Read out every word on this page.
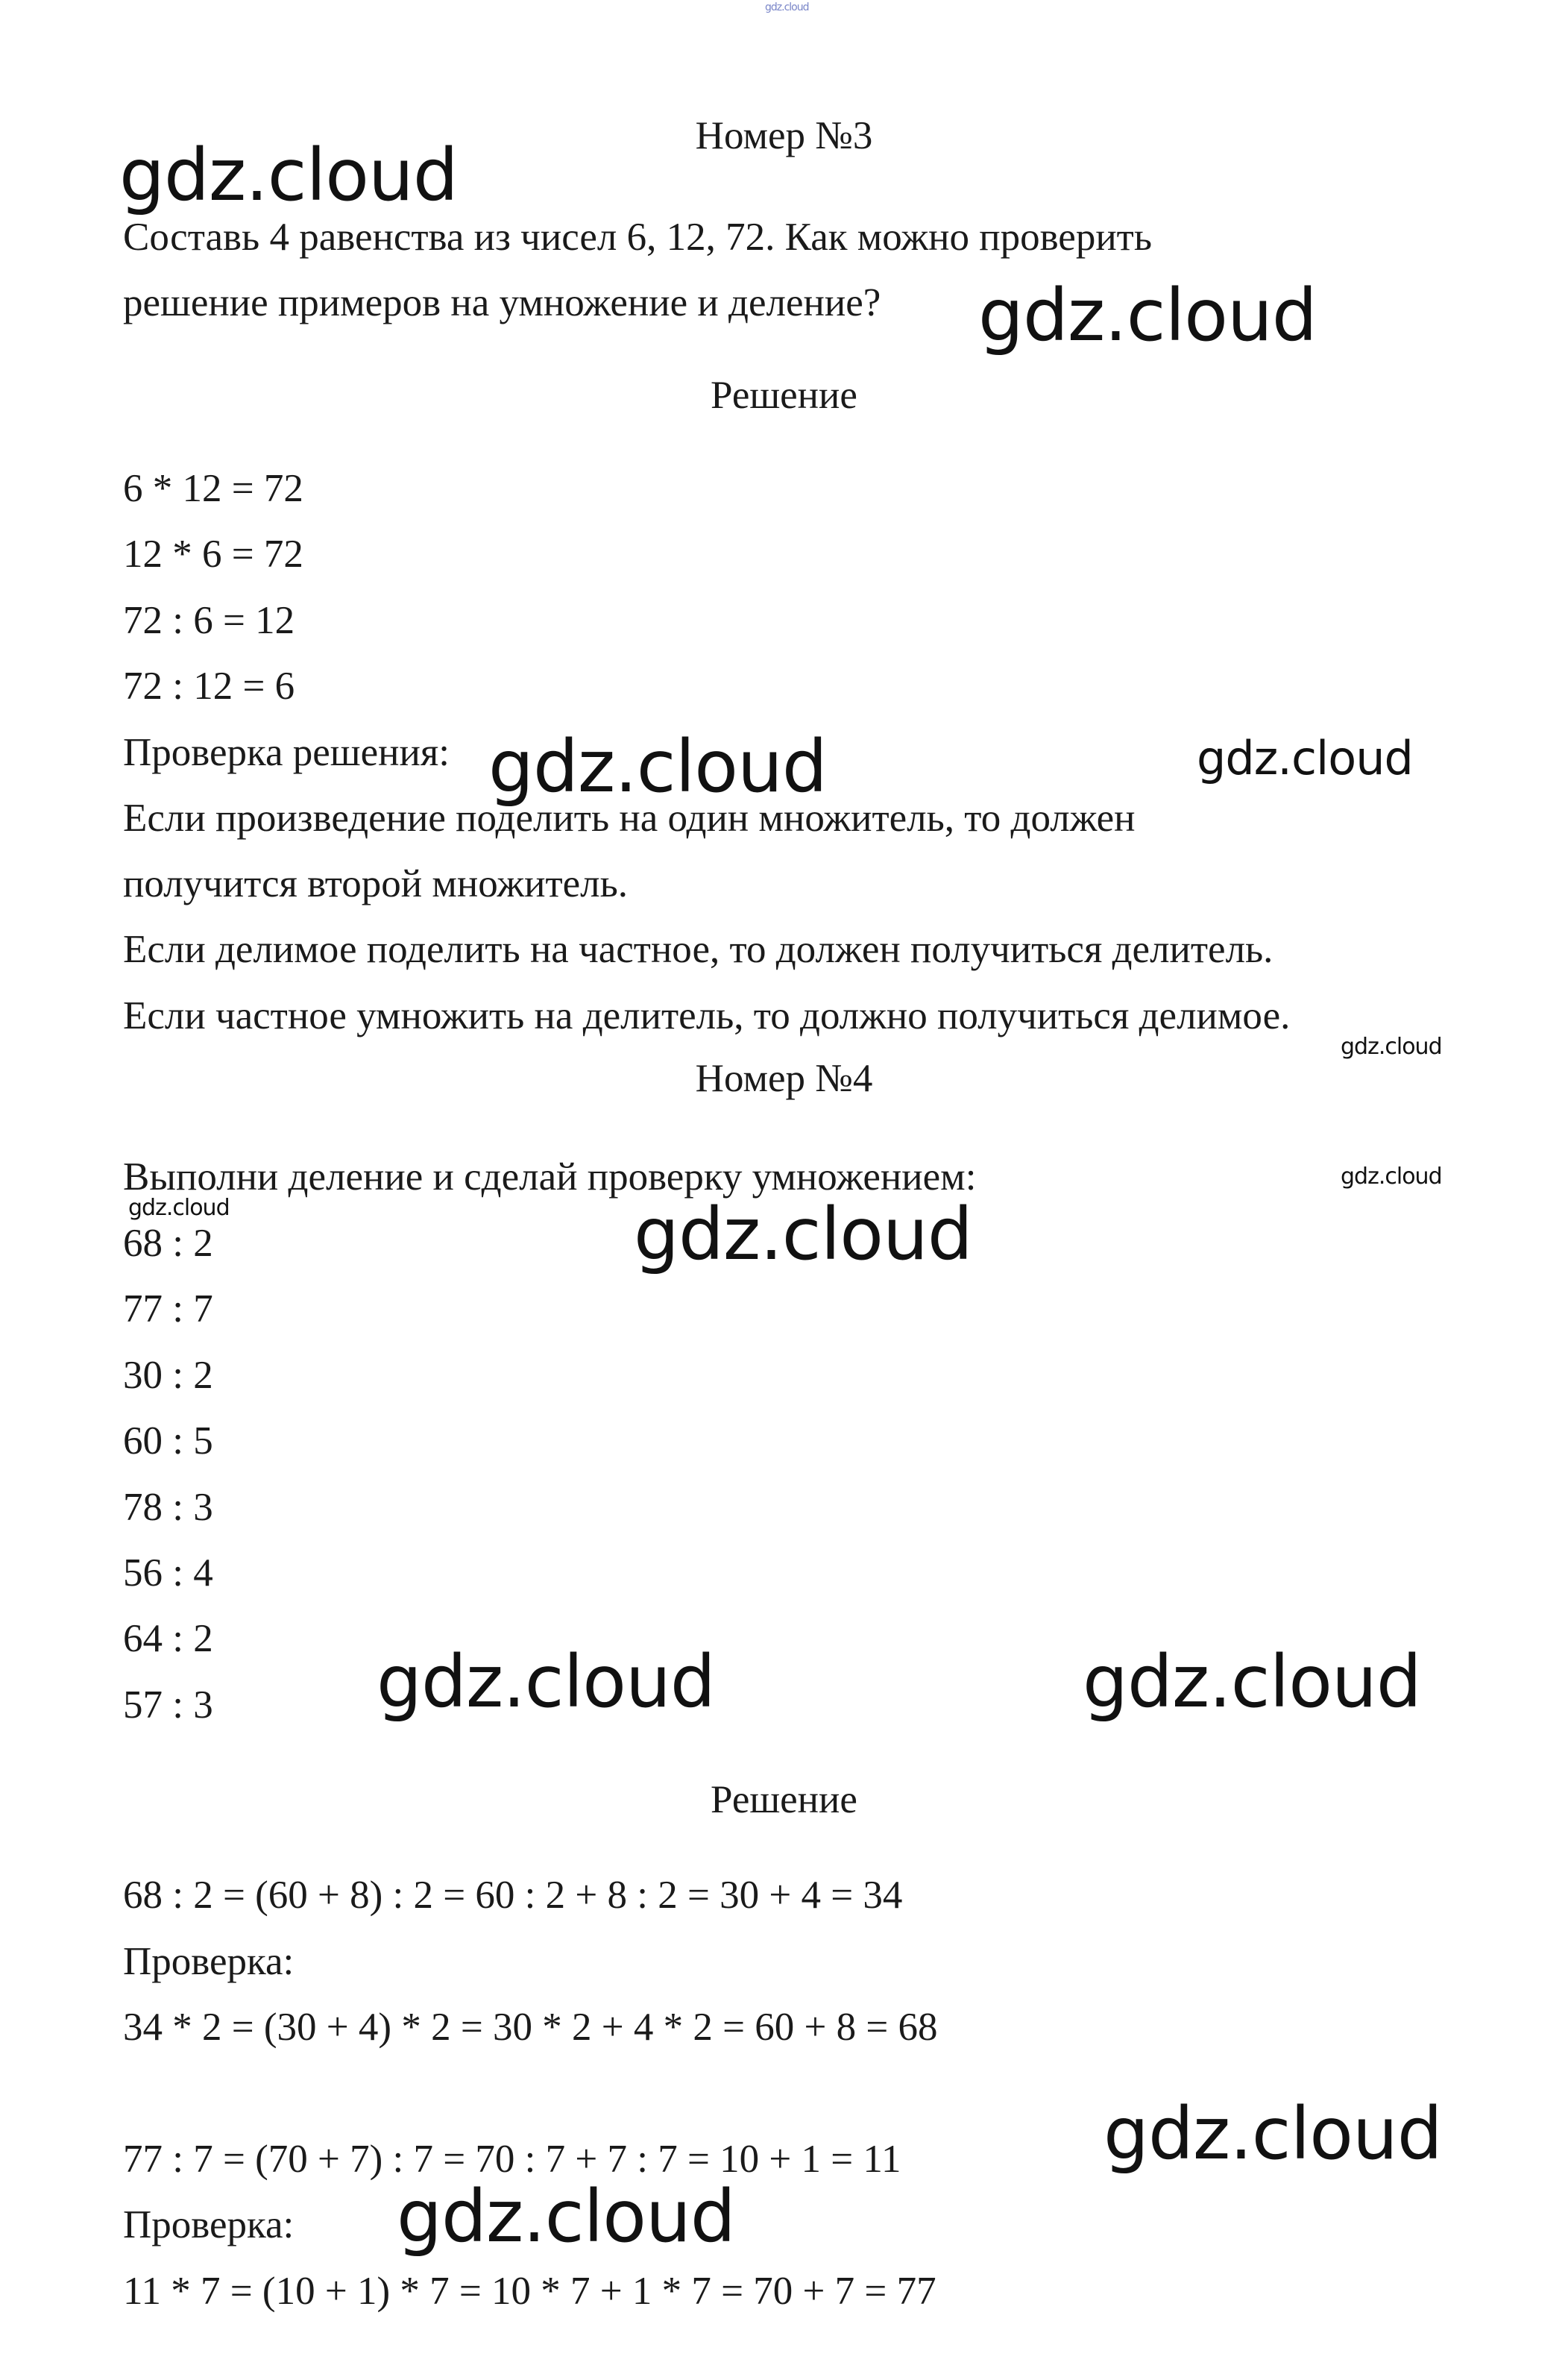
gdz.cloud
Номер №3
gdz.cloud
Составь 4 равенства из чисел 6, 12, 72. Как можно проверить
решение примеров на умножение и деление? gdz.cloud
Решение
6 * 12 = 72
12 * 6 = 72
72 : 6 = 12
72 : 12 = 6
Проверка решения: gdz.cloud	gdz.cloud
Если произведение поделить на один множитель, то должен
получится второй множитель.
Если делимое поделить на частное, то должен получиться делитель.
Если частное умножить на делитель, то должно получиться делимое.
gdz.cloud
Номер №4
Выполни деление и сделай проверку умножением:	gdz.cloud
gdz.cloud	gdz.cloud
68 : 2
77 : 7
30 : 2
60 : 5
78 : 3
56 : 4
64 : 2
57 : 3 gdz.cloud	gdz.cloud
Решение
68 : 2 = (60 + 8) : 2 = 60 : 2 + 8 : 2 = 30 + 4 = 34
Проверка:
34 * 2 = (30 + 4) * 2 = 30 * 2 + 4 * 2 = 60 + 8 = 68
gdz.cloud
77 : 7 = (70 + 7) : 7 = 70 : 7 + 7 : 7 = 10 + 1 = 11
Проверка: gdz.cloud
11 * 7 = (10 + 1) * 7 = 10 * 7 + 1 * 7 = 70 + 7 = 77
